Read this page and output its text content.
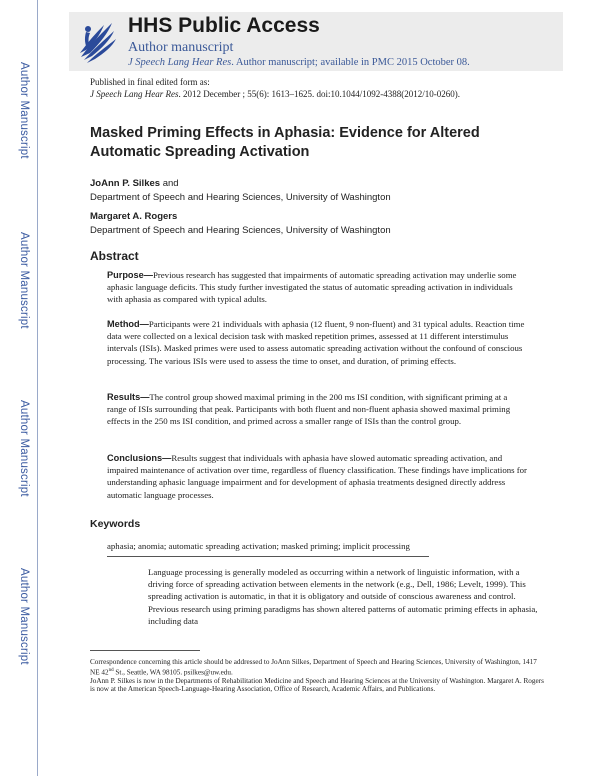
Author Manuscript
Author Manuscript
Author Manuscript
Author Manuscript
HHS Public Access
Author manuscript
J Speech Lang Hear Res. Author manuscript; available in PMC 2015 October 08.
Published in final edited form as:
J Speech Lang Hear Res. 2012 December ; 55(6): 1613–1625. doi:10.1044/1092-4388(2012/10-0260).
Masked Priming Effects in Aphasia: Evidence for Altered Automatic Spreading Activation
JoAnn P. Silkes and
Department of Speech and Hearing Sciences, University of Washington
Margaret A. Rogers
Department of Speech and Hearing Sciences, University of Washington
Abstract
Purpose—Previous research has suggested that impairments of automatic spreading activation may underlie some aphasic language deficits. This study further investigated the status of automatic spreading activation in individuals with aphasia as compared with typical adults.
Method—Participants were 21 individuals with aphasia (12 fluent, 9 non-fluent) and 31 typical adults. Reaction time data were collected on a lexical decision task with masked repetition primes, assessed at 11 different interstimulus intervals (ISIs). Masked primes were used to assess automatic spreading activation without the confound of conscious processing. The various ISIs were used to assess the time to onset, and duration, of priming effects.
Results—The control group showed maximal priming in the 200 ms ISI condition, with significant priming at a range of ISIs surrounding that peak. Participants with both fluent and non-fluent aphasia showed maximal priming effects in the 250 ms ISI condition, and primed across a smaller range of ISIs than the control group.
Conclusions—Results suggest that individuals with aphasia have slowed automatic spreading activation, and impaired maintenance of activation over time, regardless of fluency classification. These findings have implications for understanding aphasic language impairment and for development of aphasia treatments designed directly address automatic language processes.
Keywords
aphasia; anomia; automatic spreading activation; masked priming; implicit processing
Language processing is generally modeled as occurring within a network of linguistic information, with a driving force of spreading activation between elements in the network (e.g., Dell, 1986; Levelt, 1999). This spreading activation is automatic, in that it is obligatory and outside of conscious awareness and control. Previous research using priming paradigms has shown altered patterns of automatic priming effects in aphasia, including data

Correspondence concerning this article should be addressed to JoAnn Silkes, Department of Speech and Hearing Sciences, University of Washington, 1417 NE 42nd St., Seattle, WA 98105. psilkes@uw.edu.

JoAnn P. Silkes is now in the Departments of Rehabilitation Medicine and Speech and Hearing Sciences at the University of Washington. Margaret A. Rogers is now at the American Speech-Language-Hearing Association, Office of Research, Academic Affairs, and Publications.
